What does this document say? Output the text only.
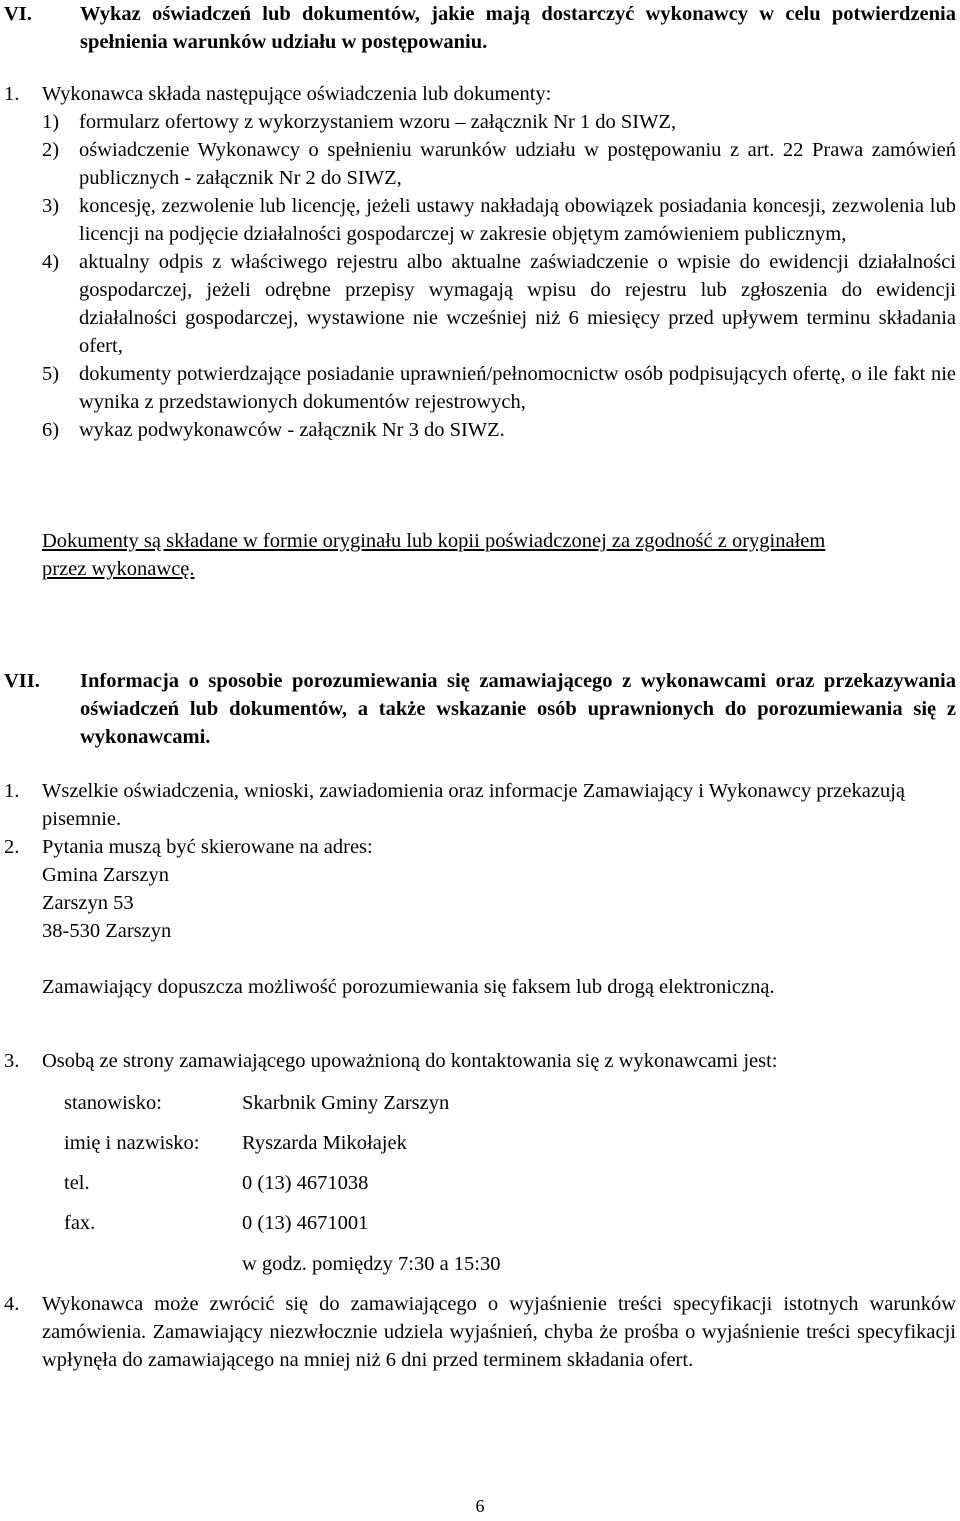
VI. Wykaz oświadczeń lub dokumentów, jakie mają dostarczyć wykonawcy w celu potwierdzenia spełnienia warunków udziału w postępowaniu.
1. Wykonawca składa następujące oświadczenia lub dokumenty:
1) formularz ofertowy z wykorzystaniem wzoru – załącznik Nr 1 do SIWZ,
2) oświadczenie Wykonawcy o spełnieniu warunków udziału w postępowaniu z art. 22 Prawa zamówień publicznych - załącznik Nr 2 do SIWZ,
3) koncesję, zezwolenie lub licencję, jeżeli ustawy nakładają obowiązek posiadania koncesji, zezwolenia lub licencji na podjęcie działalności gospodarczej w zakresie objętym zamówieniem publicznym,
4) aktualny odpis z właściwego rejestru albo aktualne zaświadczenie o wpisie do ewidencji działalności gospodarczej, jeżeli odrębne przepisy wymagają wpisu do rejestru lub zgłoszenia do ewidencji działalności gospodarczej, wystawione nie wcześniej niż 6 miesięcy przed upływem terminu składania ofert,
5) dokumenty potwierdzające posiadanie uprawnień/pełnomocnictw osób podpisujących ofertę, o ile fakt nie wynika z przedstawionych dokumentów rejestrowych,
6) wykaz podwykonawców - załącznik Nr 3 do SIWZ.
Dokumenty są składane w formie oryginału lub kopii poświadczonej za zgodność z oryginałem przez wykonawcę.
VII. Informacja o sposobie porozumiewania się zamawiającego z wykonawcami oraz przekazywania oświadczeń lub dokumentów, a także wskazanie osób uprawnionych do porozumiewania się z wykonawcami.
1. Wszelkie oświadczenia, wnioski, zawiadomienia oraz informacje Zamawiający i Wykonawcy przekazują pisemnie.
2. Pytania muszą być skierowane na adres:
Gmina Zarszyn
Zarszyn 53
38-530 Zarszyn
Zamawiający dopuszcza możliwość porozumiewania się faksem lub drogą elektroniczną.
3. Osobą ze strony zamawiającego upoważnioną do kontaktowania się z wykonawcami jest:
stanowisko:	Skarbnik Gminy Zarszyn
imię i nazwisko: Ryszarda Mikołajek
tel.	0 (13) 4671038
fax.	0 (13) 4671001
w godz. pomiędzy 7:30 a 15:30
4. Wykonawca może zwrócić się do zamawiającego o wyjaśnienie treści specyfikacji istotnych warunków zamówienia. Zamawiający niezwłocznie udziela wyjaśnień, chyba że prośba o wyjaśnienie treści specyfikacji wpłynęła do zamawiającego na mniej niż 6 dni przed terminem składania ofert.
6
